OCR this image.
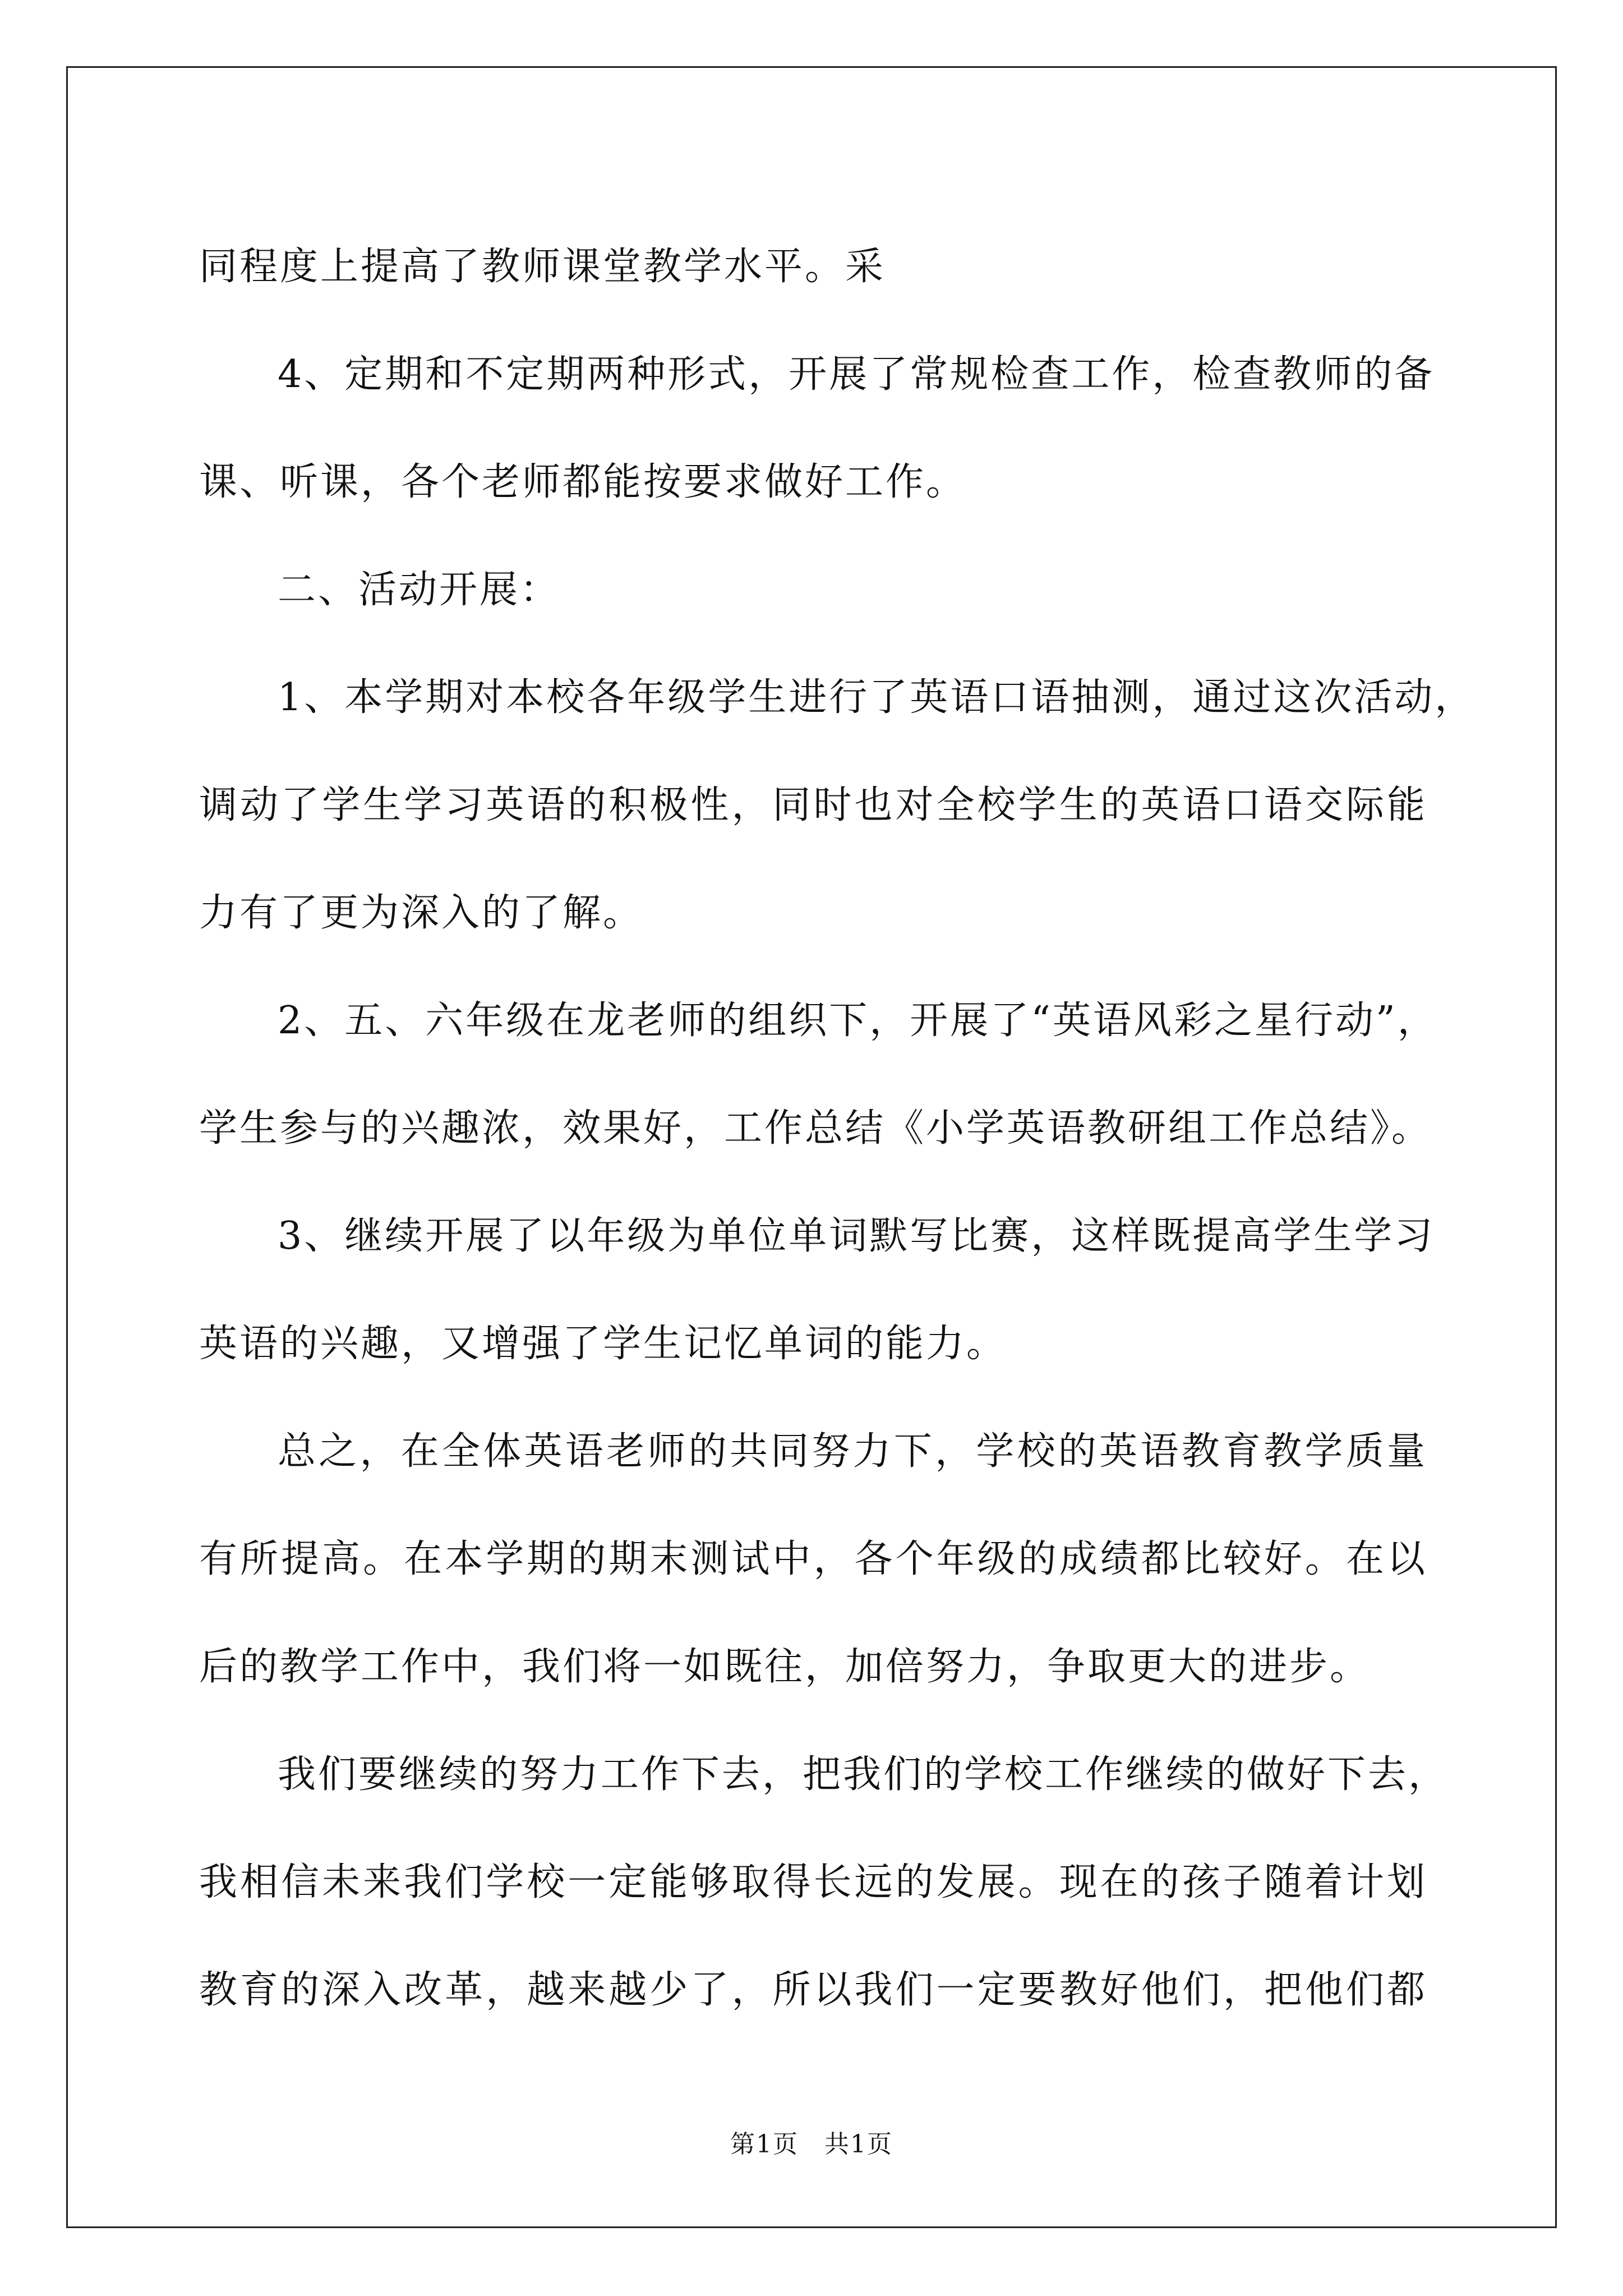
同程度上提高了教师课堂教学水平。采
4、定期和不定期两种形式，开展了常规检查工作，检查教师的备
课、听课，各个老师都能按要求做好工作。
二、活动开展：
1、本学期对本校各年级学生进行了英语口语抽测，通过这次活动，
调动了学生学习英语的积极性，同时也对全校学生的英语口语交际能
力有了更为深入的了解。
2、五、六年级在龙老师的组织下，开展了“英语风彩之星行动”，
学生参与的兴趣浓，效果好，工作总结《小学英语教研组工作总结》。
3、继续开展了以年级为单位单词默写比赛，这样既提高学生学习
英语的兴趣，又增强了学生记忆单词的能力。
总之，在全体英语老师的共同努力下，学校的英语教育教学质量
有所提高。在本学期的期末测试中，各个年级的成绩都比较好。在以
后的教学工作中，我们将一如既往，加倍努力，争取更大的进步。
我们要继续的努力工作下去，把我们的学校工作继续的做好下去，
我相信未来我们学校一定能够取得长远的发展。现在的孩子随着计划
教育的深入改革，越来越少了，所以我们一定要教好他们，把他们都
第1页　共1页
